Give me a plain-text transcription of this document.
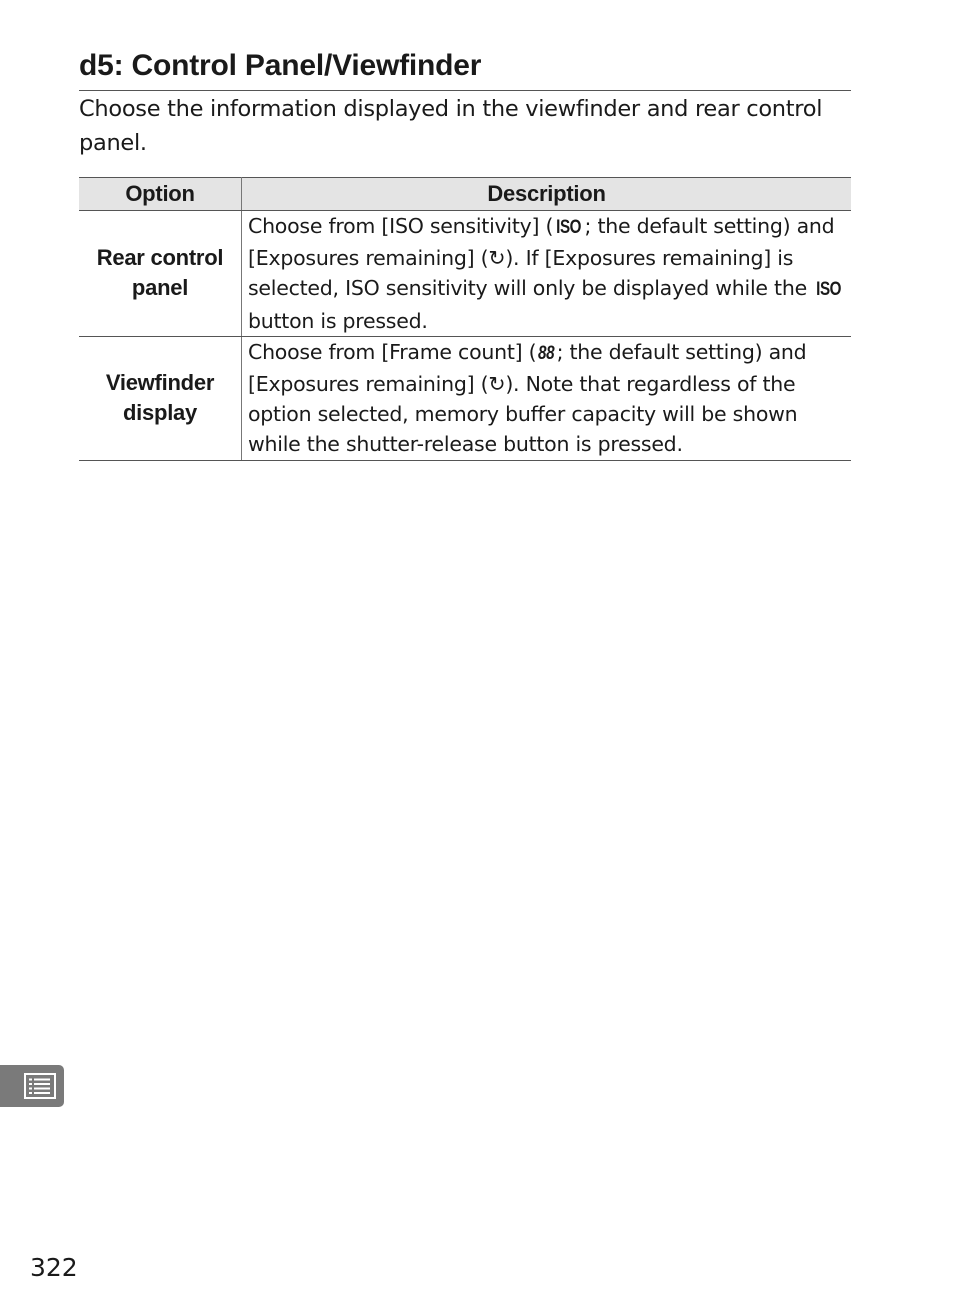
d5: Control Panel/Viewfinder
Choose the information displayed in the viewfinder and rear control panel.
Option	Description
Rear control panel	Choose from [ISO sensitivity] ( ISO ; the default setting) and [Exposures remaining] (↻). If [Exposures remaining] is selected, ISO sensitivity will only be displayed while the ISO button is pressed.
Viewfinder display	Choose from [Frame count] ( 88; the default setting) and [Exposures remaining] (↻). Note that regardless of the option selected, memory buffer capacity will be shown while the shutter-release button is pressed.
322
